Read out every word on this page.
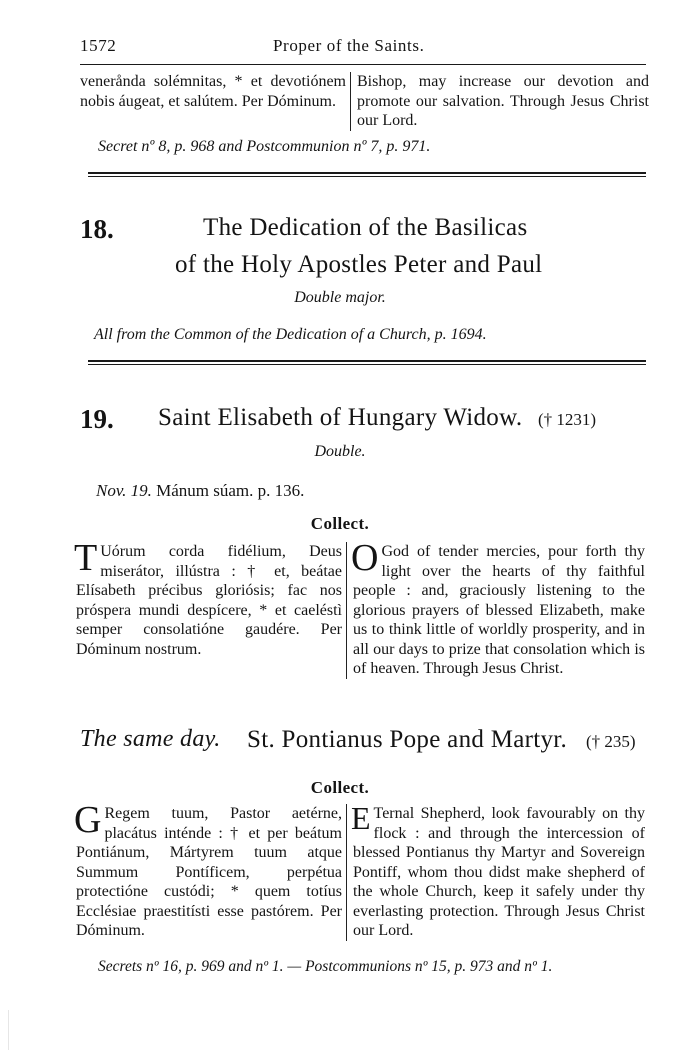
1572	Proper of the Saints.

venerånda solémnitas, * et devotiónem nobis áugeat, et salútem. Per Dóminum.

Bishop, may increase our devotion and promote our salvation. Through Jesus Christ our Lord.

Secret nº 8, p. 968 and Postcommunion nº 7, p. 971.
18.	The Dedication of the Basilicas
of the Holy Apostles Peter and Paul
Double major.
All from the Common of the Dedication of a Church, p. 1694.
19. Saint Elisabeth of Hungary Widow. († 1231)
Double.
Nov. 19. Mánum súam. p. 136.
Collect.
T Uórum corda fidélium, Deus miserátor, illústra : † et, beátae Elísabeth précibus gloriósis; fac nos próspera mundi despícere, * et caeléstì semper consolatióne gaudére. Per Dóminum nostrum.

O God of tender mercies, pour forth thy light over the hearts of thy faithful people : and, graciously listening to the glorious prayers of blessed Elizabeth, make us to think little of worldly prosperity, and in all our days to prize that consolation which is of heaven. Through Jesus Christ.

The same day. St. Pontianus Pope and Martyr. († 235)
Collect.
G Regem tuum, Pastor aetérne, placátus inténde : † et per beátum Pontiánum, Mártyrem tuum atque Summum Pontíficem, perpétua protectióne custódi; * quem totíus Ecclésiae praestitísti esse pastórem. Per Dóminum.

E Ternal Shepherd, look favourably on thy flock : and through the intercession of blessed Pontianus thy Martyr and Sovereign Pontiff, whom thou didst make shepherd of the whole Church, keep it safely under thy everlasting protection. Through Jesus Christ our Lord.

Secrets nº 16, p. 969 and nº 1. — Postcommunions nº 15, p. 973 and nº 1.
